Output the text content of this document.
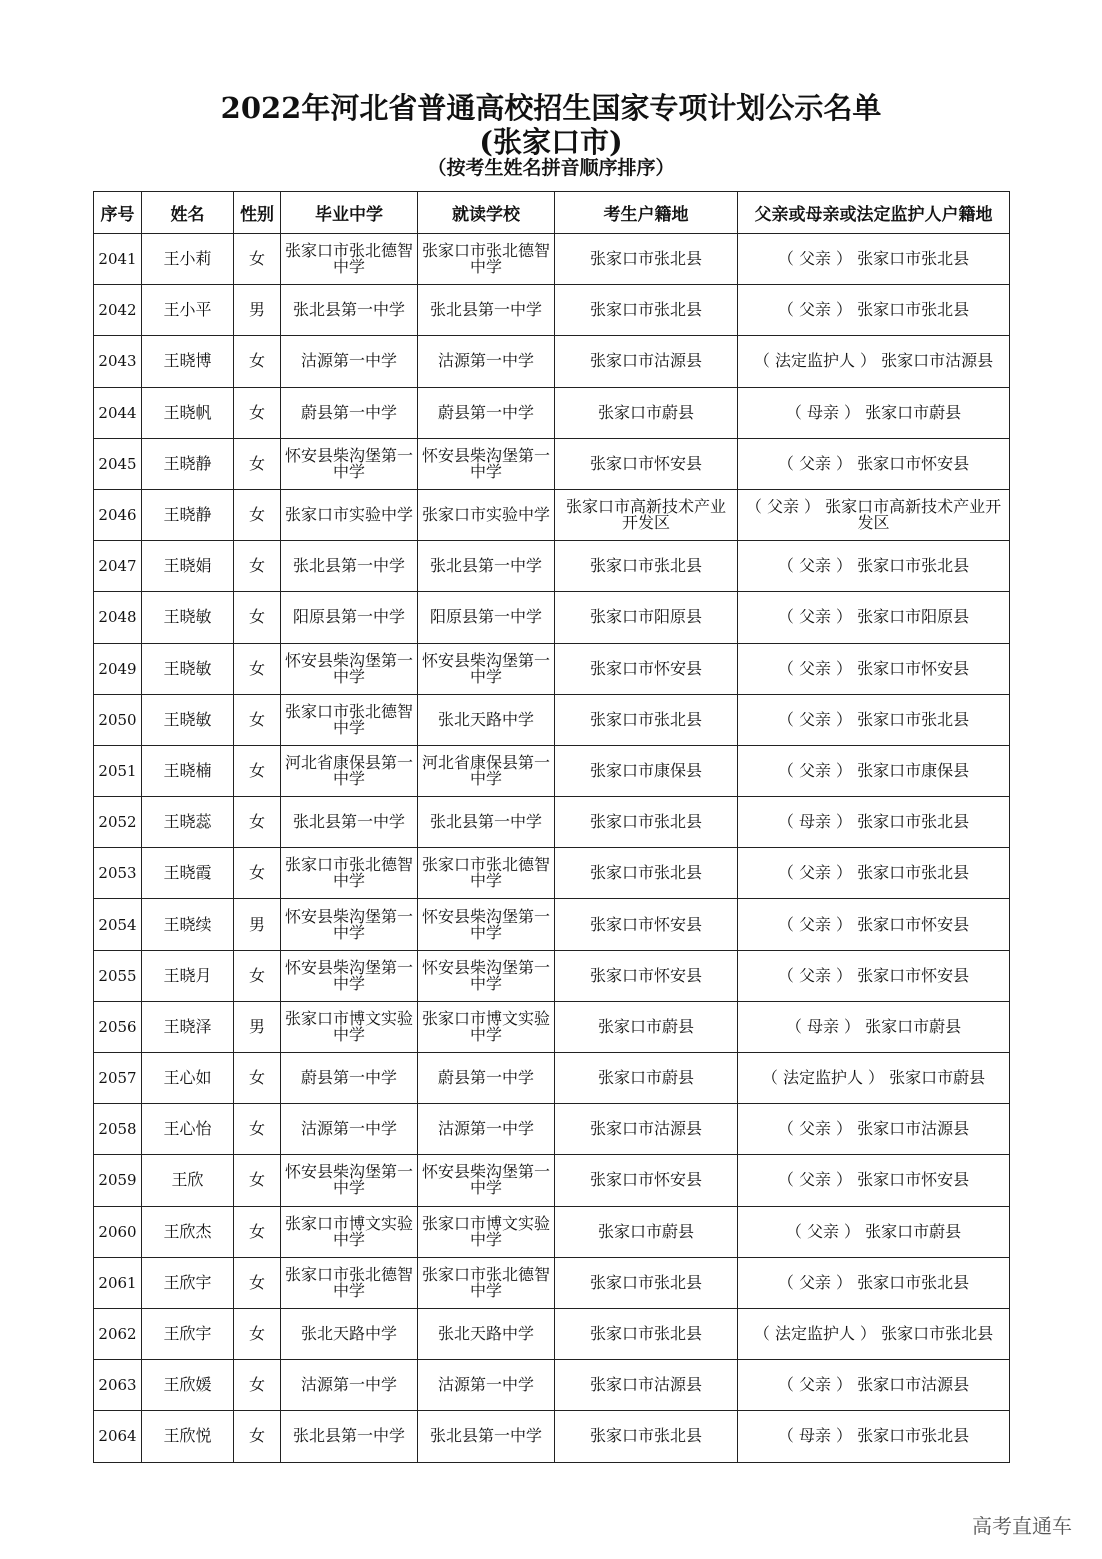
2022年河北省普通高校招生国家专项计划公示名单
(张家口市)
（按考生姓名拼音顺序排序）
序号	姓名	性别	毕业中学	就读学校	考生户籍地	父亲或母亲或法定监护人户籍地
2041	王小莉	女	张家口市张北德智中学	张家口市张北德智中学	张家口市张北县	（ 父亲 ） 张家口市张北县
2042	王小平	男	张北县第一中学	张北县第一中学	张家口市张北县	（ 父亲 ） 张家口市张北县
2043	王晓博	女	沽源第一中学	沽源第一中学	张家口市沽源县	（ 法定监护人 ） 张家口市沽源县
2044	王晓帆	女	蔚县第一中学	蔚县第一中学	张家口市蔚县	（ 母亲 ） 张家口市蔚县
2045	王晓静	女	怀安县柴沟堡第一中学	怀安县柴沟堡第一中学	张家口市怀安县	（ 父亲 ） 张家口市怀安县
2046	王晓静	女	张家口市实验中学	张家口市实验中学	张家口市高新技术产业开发区	（ 父亲 ） 张家口市高新技术产业开发区
2047	王晓娟	女	张北县第一中学	张北县第一中学	张家口市张北县	（ 父亲 ） 张家口市张北县
2048	王晓敏	女	阳原县第一中学	阳原县第一中学	张家口市阳原县	（ 父亲 ） 张家口市阳原县
2049	王晓敏	女	怀安县柴沟堡第一中学	怀安县柴沟堡第一中学	张家口市怀安县	（ 父亲 ） 张家口市怀安县
2050	王晓敏	女	张家口市张北德智中学	张北天路中学	张家口市张北县	（ 父亲 ） 张家口市张北县
2051	王晓楠	女	河北省康保县第一中学	河北省康保县第一中学	张家口市康保县	（ 父亲 ） 张家口市康保县
2052	王晓蕊	女	张北县第一中学	张北县第一中学	张家口市张北县	（ 母亲 ） 张家口市张北县
2053	王晓霞	女	张家口市张北德智中学	张家口市张北德智中学	张家口市张北县	（ 父亲 ） 张家口市张北县
2054	王晓续	男	怀安县柴沟堡第一中学	怀安县柴沟堡第一中学	张家口市怀安县	（ 父亲 ） 张家口市怀安县
2055	王晓月	女	怀安县柴沟堡第一中学	怀安县柴沟堡第一中学	张家口市怀安县	（ 父亲 ） 张家口市怀安县
2056	王晓泽	男	张家口市博文实验中学	张家口市博文实验中学	张家口市蔚县	（ 母亲 ） 张家口市蔚县
2057	王心如	女	蔚县第一中学	蔚县第一中学	张家口市蔚县	（ 法定监护人 ） 张家口市蔚县
2058	王心怡	女	沽源第一中学	沽源第一中学	张家口市沽源县	（ 父亲 ） 张家口市沽源县
2059	王欣	女	怀安县柴沟堡第一中学	怀安县柴沟堡第一中学	张家口市怀安县	（ 父亲 ） 张家口市怀安县
2060	王欣杰	女	张家口市博文实验中学	张家口市博文实验中学	张家口市蔚县	（ 父亲 ） 张家口市蔚县
2061	王欣宇	女	张家口市张北德智中学	张家口市张北德智中学	张家口市张北县	（ 父亲 ） 张家口市张北县
2062	王欣宇	女	张北天路中学	张北天路中学	张家口市张北县	（ 法定监护人 ） 张家口市张北县
2063	王欣媛	女	沽源第一中学	沽源第一中学	张家口市沽源县	（ 父亲 ） 张家口市沽源县
2064	王欣悦	女	张北县第一中学	张北县第一中学	张家口市张北县	（ 母亲 ） 张家口市张北县
高考直通车
